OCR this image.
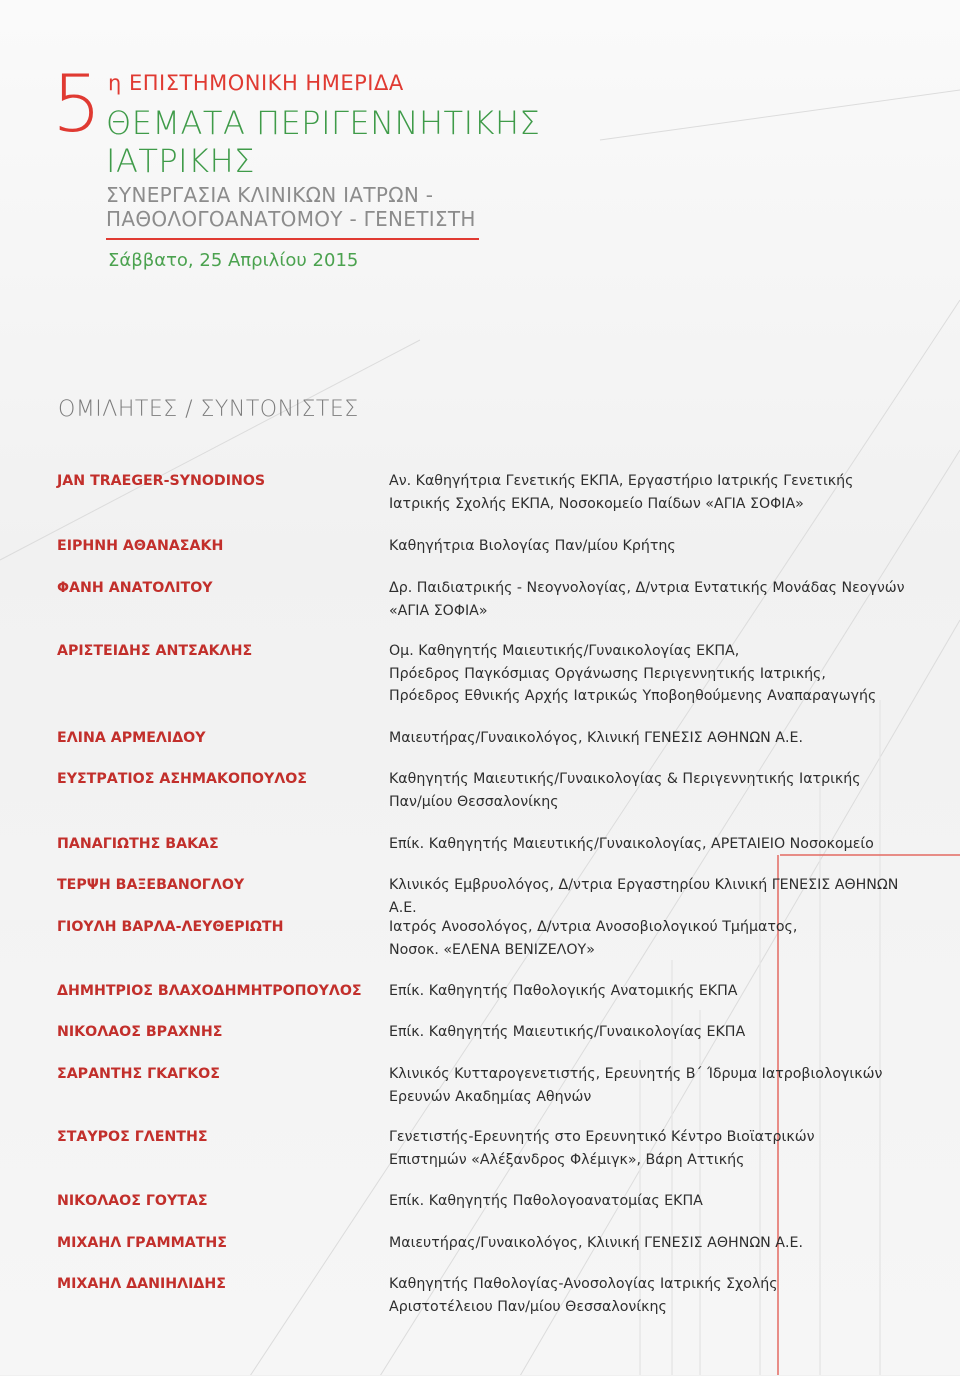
5 η ΕΠΙΣΤΗΜΟΝΙΚΗ ΗΜΕΡΙΔΑ
ΘΕΜΑΤΑ ΠΕΡΙΓΕΝΝΗΤΙΚΗΣ ΙΑΤΡΙΚΗΣ
ΣΥΝΕΡΓΑΣΙΑ ΚΛΙΝΙΚΩΝ ΙΑΤΡΩΝ - ΠΑΘΟΛΟΓΟΑΝΑΤΟΜΟΥ - ΓΕΝΕΤΙΣΤΗ
Σάββατο, 25 Απριλίου 2015
ΟΜΙΛΗΤΕΣ / ΣΥΝΤΟΝΙΣΤΕΣ
JAN TRAEGER-SYNODINOS	Αν. Καθηγήτρια Γενετικής ΕΚΠΑ, Εργαστήριο Ιατρικής Γενετικής
Ιατρικής Σχολής ΕΚΠΑ, Νοσοκομείο Παίδων «ΑΓΙΑ ΣΟΦΙΑ»
ΕΙΡΗΝΗ ΑΘΑΝΑΣΑΚΗ	Καθηγήτρια Βιολογίας Παν/μίου Κρήτης
ΦΑΝΗ ΑΝΑΤΟΛΙΤΟΥ	Δρ. Παιδιατρικής - Νεογνολογίας, Δ/ντρια Εντατικής Μονάδας Νεογνών
«ΑΓΙΑ ΣΟΦΙΑ»
ΑΡΙΣΤΕΙΔΗΣ ΑΝΤΣΑΚΛΗΣ	Ομ. Καθηγητής Μαιευτικής/Γυναικολογίας ΕΚΠΑ,
Πρόεδρος Παγκόσμιας Οργάνωσης Περιγεννητικής Ιατρικής,
Πρόεδρος Εθνικής Αρχής Ιατρικώς Υποβοηθούμενης Αναπαραγωγής
ΕΛΙΝΑ ΑΡΜΕΛΙΔΟΥ	Μαιευτήρας/Γυναικολόγος, Κλινική ΓΕΝΕΣΙΣ ΑΘΗΝΩΝ Α.Ε.
ΕΥΣΤΡΑΤΙΟΣ ΑΣΗΜΑΚΟΠΟΥΛΟΣ	Καθηγητής Μαιευτικής/Γυναικολογίας & Περιγεννητικής Ιατρικής
Παν/μίου Θεσσαλονίκης
ΠΑΝΑΓΙΩΤΗΣ ΒΑΚΑΣ	Επίκ. Καθηγητής Μαιευτικής/Γυναικολογίας, ΑΡΕΤΑΙΕΙΟ Νοσοκομείο
ΤΕΡΨΗ ΒΑΞΕΒΑΝΟΓΛΟΥ	Κλινικός Εμβρυολόγος, Δ/ντρια Εργαστηρίου Κλινική ΓΕΝΕΣΙΣ ΑΘΗΝΩΝ Α.Ε.
ΓΙΟΥΛΗ ΒΑΡΛΑ-ΛΕΥΘΕΡΙΩΤΗ	Ιατρός Ανοσολόγος, Δ/ντρια Ανοσοβιολογικού Τμήματος,
Νοσοκ. «ΕΛΕΝΑ ΒΕΝΙΖΕΛΟΥ»
ΔΗΜΗΤΡΙΟΣ ΒΛΑΧΟΔΗΜΗΤΡΟΠΟΥΛΟΣ	Επίκ. Καθηγητής Παθολογικής Ανατομικής ΕΚΠΑ
ΝΙΚΟΛΑΟΣ ΒΡΑΧΝΗΣ	Επίκ. Καθηγητής Μαιευτικής/Γυναικολογίας ΕΚΠΑ
ΣΑΡΑΝΤΗΣ ΓΚΑΓΚΟΣ	Κλινικός Κυτταρογενετιστής, Ερευνητής Β΄ Ίδρυμα Ιατροβιολογικών
Ερευνών Ακαδημίας Αθηνών
ΣΤΑΥΡΟΣ ΓΛΕΝΤΗΣ	Γενετιστής-Ερευνητής στο Ερευνητικό Κέντρο Βιοϊατρικών
Επιστημών «Αλέξανδρος Φλέμιγκ», Βάρη Αττικής
ΝΙΚΟΛΑΟΣ ΓΟΥΤΑΣ	Επίκ. Καθηγητής Παθολογοανατομίας ΕΚΠΑ
ΜΙΧΑΗΛ ΓΡΑΜΜΑΤΗΣ	Μαιευτήρας/Γυναικολόγος, Κλινική ΓΕΝΕΣΙΣ ΑΘΗΝΩΝ Α.Ε.
ΜΙΧΑΗΛ ΔΑΝΙΗΛΙΔΗΣ	Καθηγητής Παθολογίας-Ανοσολογίας Ιατρικής Σχολής
Αριστοτέλειου Παν/μίου Θεσσαλονίκης
